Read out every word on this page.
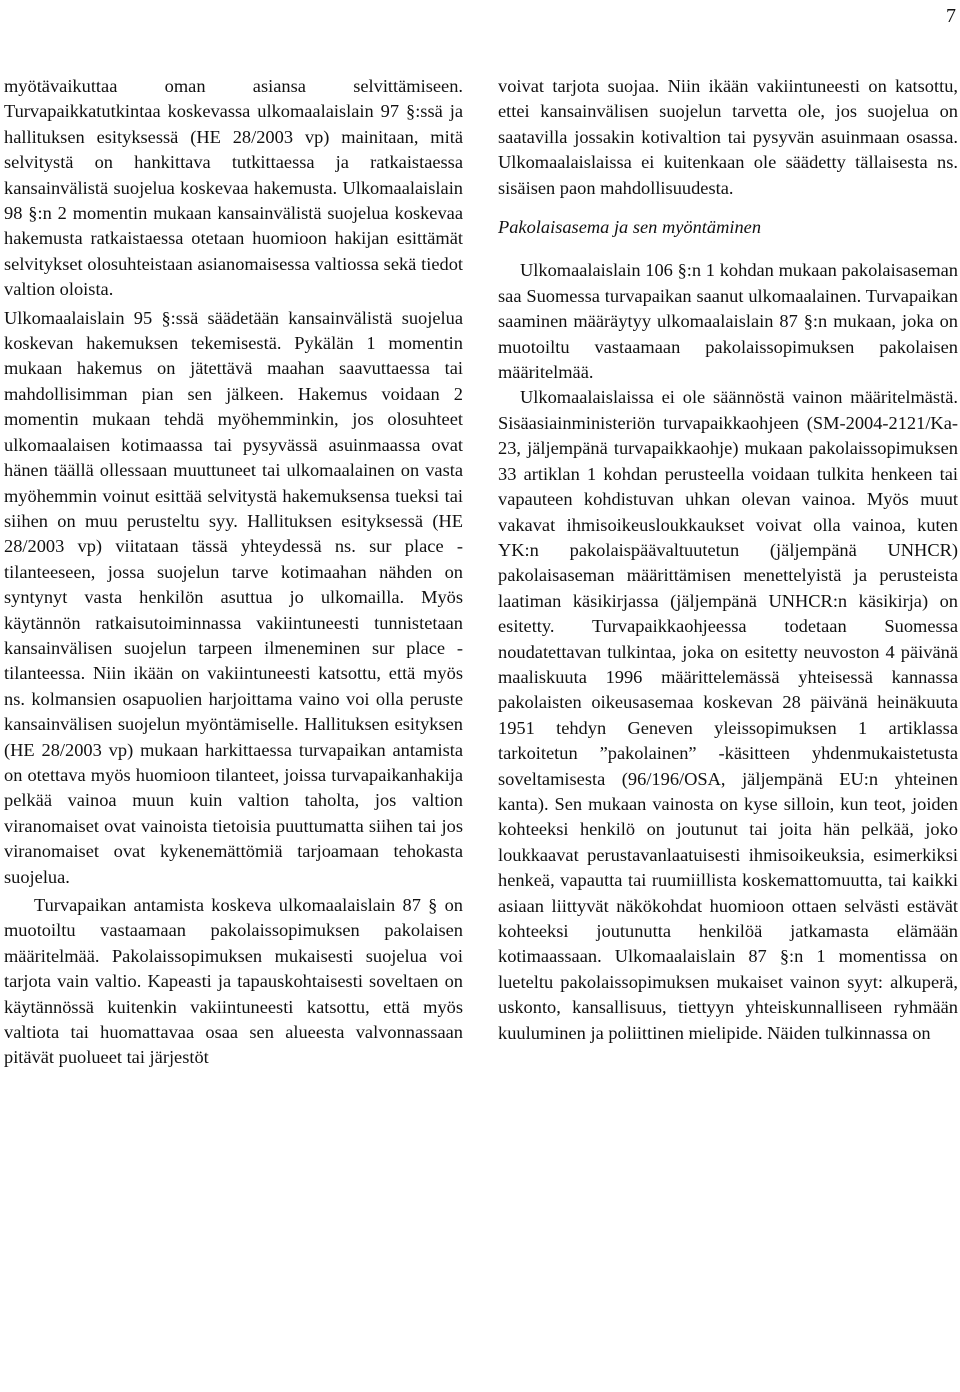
7

myötävaikuttaa oman asiansa selvittämiseen. Turvapaikkatutkintaa koskevassa ulkomaalaislain 97 §:ssä ja hallituksen esityksessä (HE 28/2003 vp) mainitaan, mitä selvitystä on hankittava tutkittaessa ja ratkaistaessa kansainvälistä suojelua koskevaa hakemusta. Ulkomaalaislain 98 §:n 2 momentin mukaan kansainvälistä suojelua koskevaa hakemusta ratkaistaessa otetaan huomioon hakijan esittämät selvitykset olosuhteistaan asianomaisessa valtiossa sekä tiedot valtion oloista.

Ulkomaalaislain 95 §:ssä säädetään kansainvälistä suojelua koskevan hakemuksen tekemisestä. Pykälän 1 momentin mukaan hakemus on jätettävä maahan saavuttaessa tai mahdollisimman pian sen jälkeen. Hakemus voidaan 2 momentin mukaan tehdä myöhemminkin, jos olosuhteet ulkomaalaisen kotimaassa tai pysyvässä asuinmaassa ovat hänen täällä ollessaan muuttuneet tai ulkomaalainen on vasta myöhemmin voinut esittää selvitystä hakemuksensa tueksi tai siihen on muu perusteltu syy. Hallituksen esityksessä (HE 28/2003 vp) viitataan tässä yhteydessä ns. sur place -tilanteeseen, jossa suojelun tarve kotimaahan nähden on syntynyt vasta henkilön asuttua jo ulkomailla. Myös käytännön ratkaisutoiminnassa vakiintuneesti tunnistetaan kansainvälisen suojelun tarpeen ilmeneminen sur place -tilanteessa. Niin ikään on vakiintuneesti katsottu, että myös ns. kolmansien osapuolien harjoittama vaino voi olla peruste kansainvälisen suojelun myöntämiselle. Hallituksen esityksen (HE 28/2003 vp) mukaan harkittaessa turvapaikan antamista on otettava myös huomioon tilanteet, joissa turvapaikanhakija pelkää vainoa muun kuin valtion taholta, jos valtion viranomaiset ovat vainoista tietoisia puuttumatta siihen tai jos viranomaiset ovat kykenemättömiä tarjoamaan tehokasta suojelua.

Turvapaikan antamista koskeva ulkomaalaislain 87 § on muotoiltu vastaamaan pakolaissopimuksen pakolaisen määritelmää. Pakolaissopimuksen mukaisesti suojelua voi tarjota vain valtio. Kapeasti ja tapauskohtaisesti soveltaen on käytännössä kuitenkin vakiintuneesti katsottu, että myös valtiota tai huomattavaa osaa sen alueesta valvonnassaan pitävät puolueet tai järjestöt

voivat tarjota suojaa. Niin ikään vakiintuneesti on katsottu, ettei kansainvälisen suojelun tarvetta ole, jos suojelua on saatavilla jossakin kotivaltion tai pysyvän asuinmaan osassa. Ulkomaalaislaissa ei kuitenkaan ole säädetty tällaisesta ns. sisäisen paon mahdollisuudesta.

Pakolaisasema ja sen myöntäminen

Ulkomaalaislain 106 §:n 1 kohdan mukaan pakolaisaseman saa Suomessa turvapaikan saanut ulkomaalainen. Turvapaikan saaminen määräytyy ulkomaalaislain 87 §:n mukaan, joka on muotoiltu vastaamaan pakolaissopimuksen pakolaisen määritelmää.

Ulkomaalaislaissa ei ole säännöstä vainon määritelmästä. Sisäasiainministeriön turvapaikkaohjeen (SM-2004-2121/Ka-23, jäljempänä turvapaikkaohje) mukaan pakolaissopimuksen 33 artiklan 1 kohdan perusteella voidaan tulkita henkeen tai vapauteen kohdistuvan uhkan olevan vainoa. Myös muut vakavat ihmisoikeusloukkaukset voivat olla vainoa, kuten YK:n pakolaispäävaltuutetun (jäljempänä UNHCR) pakolaisaseman määrittämisen menettelyistä ja perusteista laatiman käsikirjassa (jäljempänä UNHCR:n käsikirja) on esitetty. Turvapaikkaohjeessa todetaan Suomessa noudatettavan tulkintaa, joka on esitetty neuvoston 4 päivänä maaliskuuta 1996 määrittelemässä yhteisessä kannassa pakolaisten oikeusasemaa koskevan 28 päivänä heinäkuuta 1951 tehdyn Geneven yleissopimuksen 1 artiklassa tarkoitetun ”pakolainen” -käsitteen yhdenmukaistetusta soveltamisesta (96/196/OSA, jäljempänä EU:n yhteinen kanta). Sen mukaan vainosta on kyse silloin, kun teot, joiden kohteeksi henkilö on joutunut tai joita hän pelkää, joko loukkaavat perustavanlaatuisesti ihmisoikeuksia, esimerkiksi henkeä, vapautta tai ruumiillista koskemattomuutta, tai kaikki asiaan liittyvät näkökohdat huomioon ottaen selvästi estävät kohteeksi joutunutta henkilöä jatkamasta elämään kotimaassaan. Ulkomaalaislain 87 §:n 1 momentissa on lueteltu pakolaissopimuksen mukaiset vainon syyt: alkuperä, uskonto, kansallisuus, tiettyyn yhteiskunnalliseen ryhmään kuuluminen ja poliittinen mielipide. Näiden tulkinnassa on
